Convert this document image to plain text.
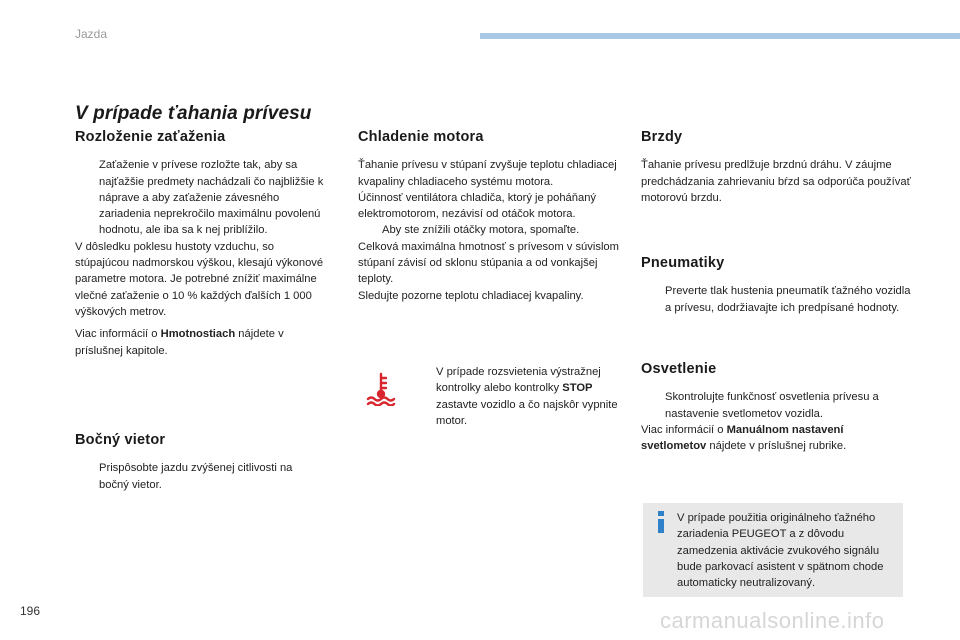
Jazda
V prípade ťahania prívesu
Rozloženie zaťaženia
Zaťaženie v prívese rozložte tak, aby sa najťažšie predmety nachádzali čo najbližšie k náprave a aby zaťaženie závesného zariadenia neprekročilo maximálnu povolenú hodnotu, ale iba sa k nej priblížilo.

V dôsledku poklesu hustoty vzduchu, so stúpajúcou nadmorskou výškou, klesajú výkonové parametre motora. Je potrebné znížiť maximálne vlečné zaťaženie o 10 % každých ďalších 1 000 výškových metrov.

Viac informácií o Hmotnostiach nájdete v príslušnej kapitole.

Bočný vietor
Prispôsobte jazdu zvýšenej citlivosti na bočný vietor.
Chladenie motora

Ťahanie prívesu v stúpaní zvyšuje teplotu chladiacej kvapaliny chladiaceho systému motora.

Účinnosť ventilátora chladiča, ktorý je poháňaný elektromotorom, nezávisí od otáčok motora.

Aby ste znížili otáčky motora, spomaľte.

Celková maximálna hmotnosť s prívesom v súvislom stúpaní závisí od sklonu stúpania a od vonkajšej teploty.

Sledujte pozorne teplotu chladiacej kvapaliny.

V prípade rozsvietenia výstražnej kontrolky alebo kontrolky STOP zastavte vozidlo a čo najskôr vypnite motor.
Brzdy

Ťahanie prívesu predlžuje brzdnú dráhu. V záujme predchádzania zahrievaniu bŕzd sa odporúča používať motorovú brzdu.

Pneumatiky
Preverte tlak hustenia pneumatík ťažného vozidla a prívesu, dodržiavajte ich predpísané hodnoty.
Osvetlenie
Skontrolujte funkčnosť osvetlenia prívesu a nastavenie svetlometov vozidla.

Viac informácií o Manuálnom nastavení svetlometov nájdete v príslušnej rubrike.

V prípade použitia originálneho ťažného zariadenia PEUGEOT a z dôvodu zamedzenia aktivácie zvukového signálu bude parkovací asistent v spätnom chode automaticky neutralizovaný.
196	carmanualsonline.info
